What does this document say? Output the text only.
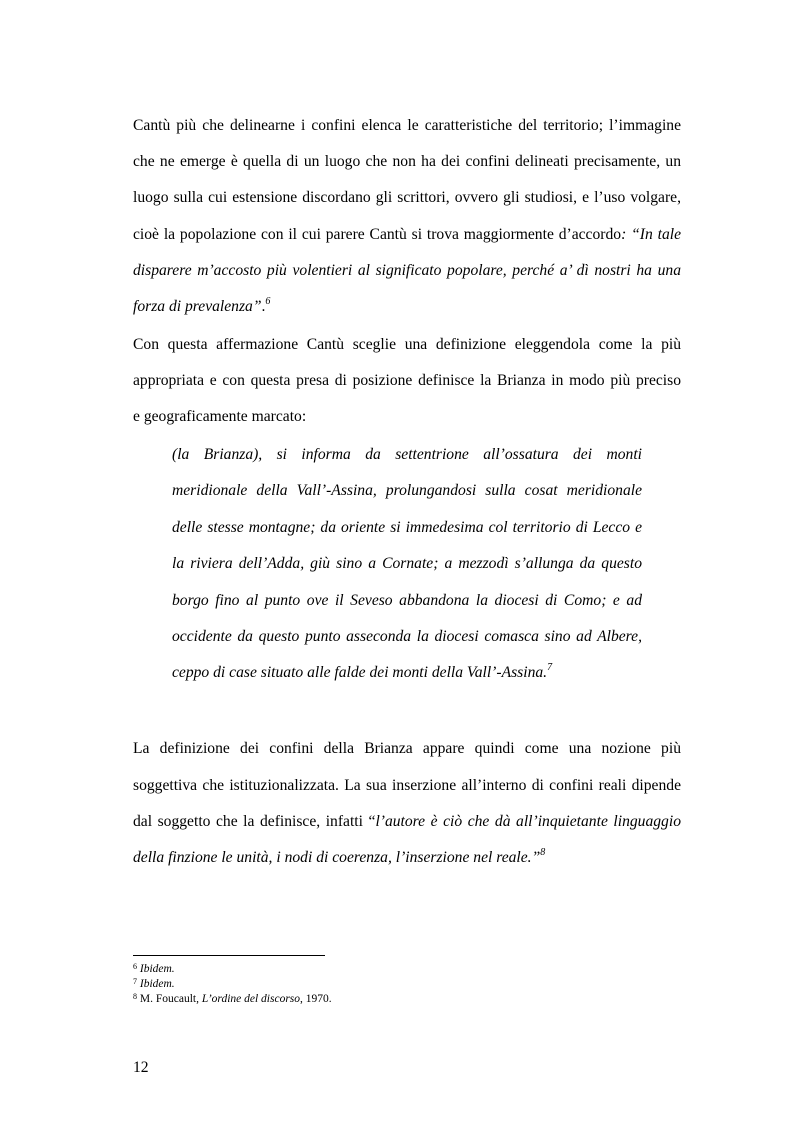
Cantù più che delinearne i confini elenca le caratteristiche del territorio; l’immagine
che ne emerge è quella di un luogo che non ha dei confini delineati precisamente, un
luogo sulla cui estensione discordano gli scrittori, ovvero gli studiosi, e l’uso volgare,
cioè la popolazione con il cui parere Cantù si trova maggiormente d’accordo: “In tale
disparere m’accosto più volentieri al significato popolare, perché a’ dì nostri ha una
forza di prevalenza”.$^6$
Con questa affermazione Cantù sceglie una definizione eleggendola come la più
appropriata e con questa presa di posizione definisce la Brianza in modo più preciso
e geograficamente marcato:
(la Brianza), si informa da settentrione all’ossatura dei monti
meridionale della Vall’-Assina, prolungandosi sulla cosat meridionale
delle stesse montagne; da oriente si immedesima col territorio di Lecco e
la riviera dell’Adda, giù sino a Cornate; a mezzodì s’allunga da questo
borgo fino al punto ove il Seveso abbandona la diocesi di Como; e ad
occidente da questo punto asseconda la diocesi comasca sino ad Albere,
ceppo di case situato alle falde dei monti della Vall’-Assina.$^7$
La definizione dei confini della Brianza appare quindi come una nozione più
soggettiva che istituzionalizzata. La sua inserzione all’interno di confini reali dipende
dal soggetto che la definisce, infatti “l’autore è ciò che dà all’inquietante linguaggio
della finzione le unità, i nodi di coerenza, l’inserzione nel reale.”$^8$
$^6$ Ibidem.
$^7$ Ibidem.
$^8$ M. Foucault, L’ordine del discorso, 1970.
12
